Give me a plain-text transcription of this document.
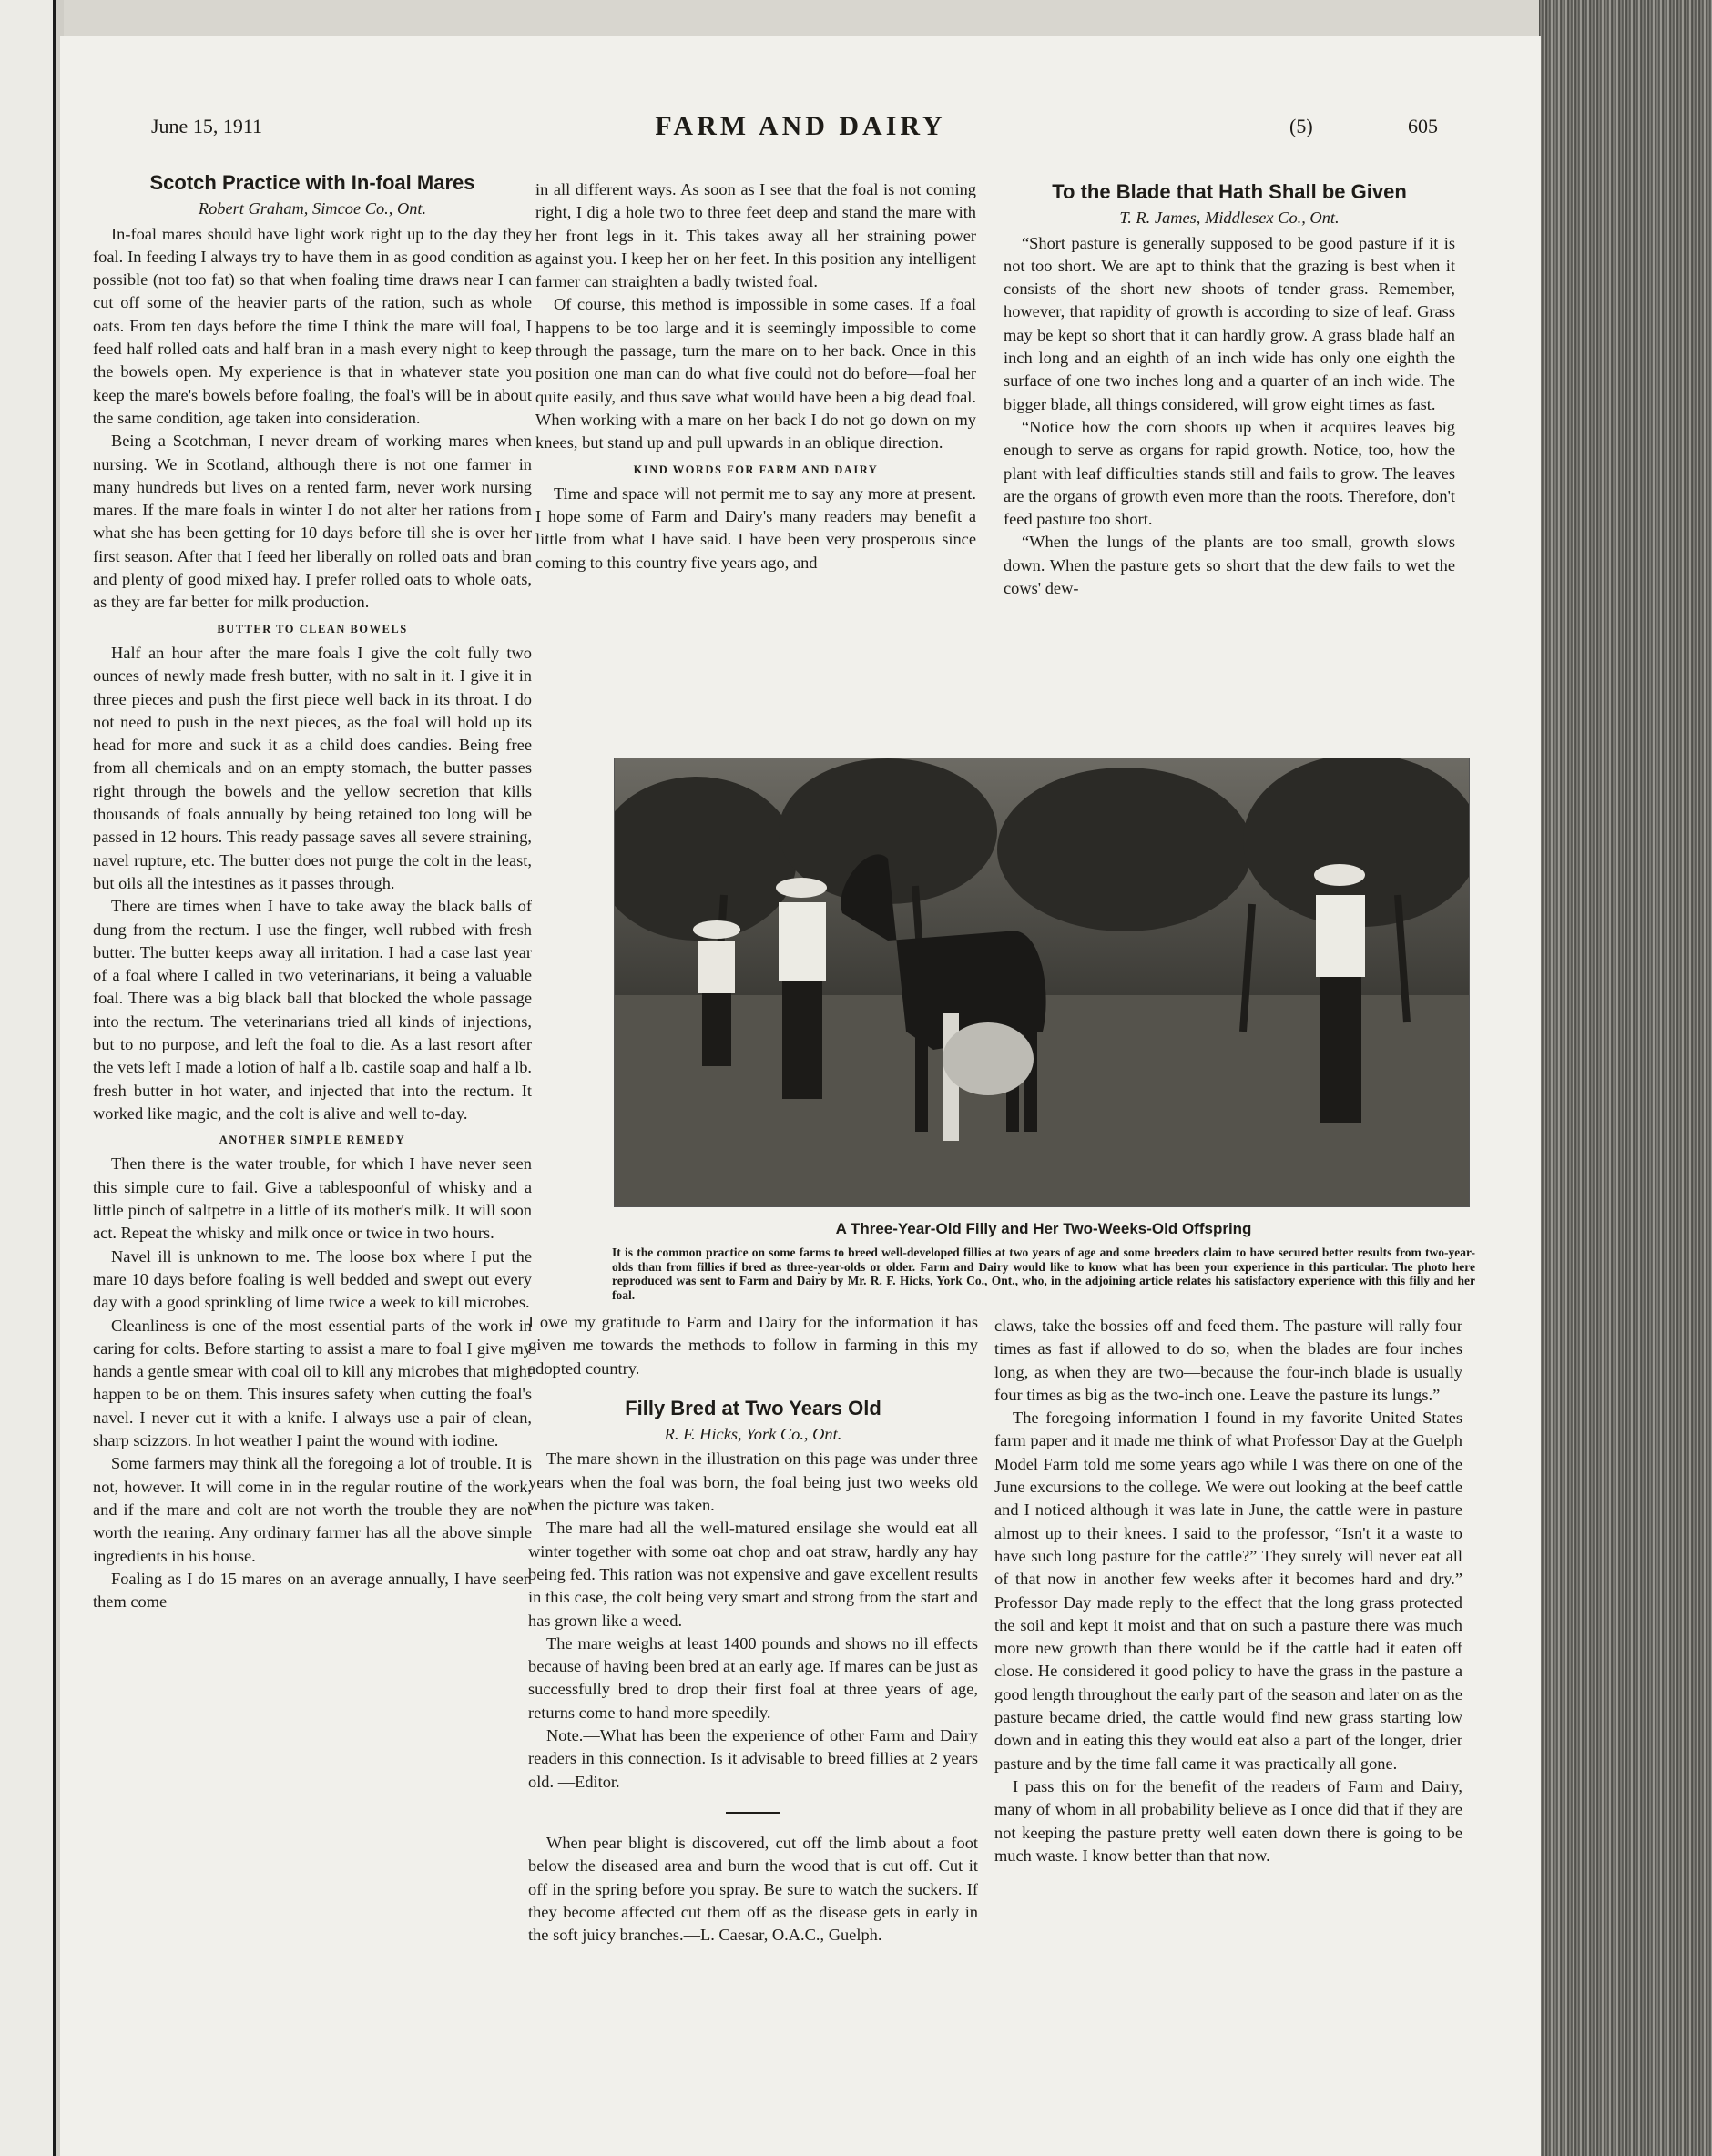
June 15, 1911	FARM AND DAIRY	(5)	605
Scotch Practice with In-foal Mares

Robert Graham, Simcoe Co., Ont.

In-foal mares should have light work right up to the day they foal. In feeding I always try to have them in as good condition as possible (not too fat) so that when foaling time draws near I can cut off some of the heavier parts of the ration, such as whole oats. From ten days before the time I think the mare will foal, I feed half rolled oats and half bran in a mash every night to keep the bowels open. My experience is that in whatever state you keep the mare's bowels before foaling, the foal's will be in about the same condition, age taken into consideration.

Being a Scotchman, I never dream of working mares when nursing. We in Scotland, although there is not one farmer in many hundreds but lives on a rented farm, never work nursing mares. If the mare foals in winter I do not alter her rations from what she has been getting for 10 days before till she is over her first season. After that I feed her liberally on rolled oats and bran and plenty of good mixed hay. I prefer rolled oats to whole oats, as they are far better for milk production.

BUTTER TO CLEAN BOWELS

Half an hour after the mare foals I give the colt fully two ounces of newly made fresh butter, with no salt in it. I give it in three pieces and push the first piece well back in its throat. I do not need to push in the next pieces, as the foal will hold up its head for more and suck it as a child does candies. Being free from all chemicals and on an empty stomach, the butter passes right through the bowels and the yellow secretion that kills thousands of foals annually by being retained too long will be passed in 12 hours. This ready passage saves all severe straining, navel rupture, etc. The butter does not purge the colt in the least, but oils all the intestines as it passes through.

There are times when I have to take away the black balls of dung from the rectum. I use the finger, well rubbed with fresh butter. The butter keeps away all irritation. I had a case last year of a foal where I called in two veterinarians, it being a valuable foal. There was a big black ball that blocked the whole passage into the rectum. The veterinarians tried all kinds of injections, but to no purpose, and left the foal to die. As a last resort after the vets left I made a lotion of half a lb. castile soap and half a lb. fresh butter in hot water, and injected that into the rectum. It worked like magic, and the colt is alive and well to-day.

ANOTHER SIMPLE REMEDY

Then there is the water trouble, for which I have never seen this simple cure to fail. Give a tablespoonful of whisky and a little pinch of saltpetre in a little of its mother's milk. It will soon act. Repeat the whisky and milk once or twice in two hours.

Navel ill is unknown to me. The loose box where I put the mare 10 days before foaling is well bedded and swept out every day with a good sprinkling of lime twice a week to kill microbes.

Cleanliness is one of the most essential parts of the work in caring for colts. Before starting to assist a mare to foal I give my hands a gentle smear with coal oil to kill any microbes that might happen to be on them. This insures safety when cutting the foal's navel. I never cut it with a knife. I always use a pair of clean, sharp scizzors. In hot weather I paint the wound with iodine.

Some farmers may think all the foregoing a lot of trouble. It is not, however. It will come in in the regular routine of the work, and if the mare and colt are not worth the trouble they are not worth the rearing. Any ordinary farmer has all the above simple ingredients in his house.

Foaling as I do 15 mares on an average annually, I have seen them come

in all different ways. As soon as I see that the foal is not coming right, I dig a hole two to three feet deep and stand the mare with her front legs in it. This takes away all her straining power against you. I keep her on her feet. In this position any intelligent farmer can straighten a badly twisted foal.

Of course, this method is impossible in some cases. If a foal happens to be too large and it is seemingly impossible to come through the passage, turn the mare on to her back. Once in this position one man can do what five could not do before—foal her quite easily, and thus save what would have been a big dead foal. When working with a mare on her back I do not go down on my knees, but stand up and pull upwards in an oblique direction.

KIND WORDS FOR FARM AND DAIRY

Time and space will not permit me to say any more at present. I hope some of Farm and Dairy's many readers may benefit a little from what I have said. I have been very prosperous since coming to this country five years ago, and

To the Blade that Hath Shall be Given

T. R. James, Middlesex Co., Ont.

“Short pasture is generally supposed to be good pasture if it is not too short. We are apt to think that the grazing is best when it consists of the short new shoots of tender grass. Remember, however, that rapidity of growth is according to size of leaf. Grass may be kept so short that it can hardly grow. A grass blade half an inch long and an eighth of an inch wide has only one eighth the surface of one two inches long and a quarter of an inch wide. The bigger blade, all things considered, will grow eight times as fast.

“Notice how the corn shoots up when it acquires leaves big enough to serve as organs for rapid growth. Notice, too, how the plant with leaf difficulties stands still and fails to grow. The leaves are the organs of growth even more than the roots. Therefore, don't feed pasture too short.

“When the lungs of the plants are too small, growth slows down. When the pasture gets so short that the dew fails to wet the cows' dew-

A Three-Year-Old Filly and Her Two-Weeks-Old Offspring
It is the common practice on some farms to breed well-developed fillies at two years of age and some breeders claim to have secured better results from two-year-olds than from fillies if bred as three-year-olds or older. Farm and Dairy would like to know what has been your experience in this particular. The photo here reproduced was sent to Farm and Dairy by Mr. R. F. Hicks, York Co., Ont., who, in the adjoining article relates his satisfactory experience with this filly and her foal.

I owe my gratitude to Farm and Dairy for the information it has given me towards the methods to follow in farming in this my adopted country.

Filly Bred at Two Years Old

R. F. Hicks, York Co., Ont.

The mare shown in the illustration on this page was under three years when the foal was born, the foal being just two weeks old when the picture was taken.

The mare had all the well-matured ensilage she would eat all winter together with some oat chop and oat straw, hardly any hay being fed. This ration was not expensive and gave excellent results in this case, the colt being very smart and strong from the start and has grown like a weed.

The mare weighs at least 1400 pounds and shows no ill effects because of having been bred at an early age. If mares can be just as successfully bred to drop their first foal at three years of age, returns come to hand more speedily.

Note.—What has been the experience of other Farm and Dairy readers in this connection. Is it advisable to breed fillies at 2 years old. —Editor.

When pear blight is discovered, cut off the limb about a foot below the diseased area and burn the wood that is cut off. Cut it off in the spring before you spray. Be sure to watch the suckers. If they become affected cut them off as the disease gets in early in the soft juicy branches.—L. Caesar, O.A.C., Guelph.

claws, take the bossies off and feed them. The pasture will rally four times as fast if allowed to do so, when the blades are four inches long, as when they are two—because the four-inch blade is usually four times as big as the two-inch one. Leave the pasture its lungs.”

The foregoing information I found in my favorite United States farm paper and it made me think of what Professor Day at the Guelph Model Farm told me some years ago while I was there on one of the June excursions to the college. We were out looking at the beef cattle and I noticed although it was late in June, the cattle were in pasture almost up to their knees. I said to the professor, “Isn't it a waste to have such long pasture for the cattle?” They surely will never eat all of that now in another few weeks after it becomes hard and dry.” Professor Day made reply to the effect that the long grass protected the soil and kept it moist and that on such a pasture there was much more new growth than there would be if the cattle had it eaten off close. He considered it good policy to have the grass in the pasture a good length throughout the early part of the season and later on as the pasture became dried, the cattle would find new grass starting low down and in eating this they would eat also a part of the longer, drier pasture and by the time fall came it was practically all gone.

I pass this on for the benefit of the readers of Farm and Dairy, many of whom in all probability believe as I once did that if they are not keeping the pasture pretty well eaten down there is going to be much waste. I know better than that now.
